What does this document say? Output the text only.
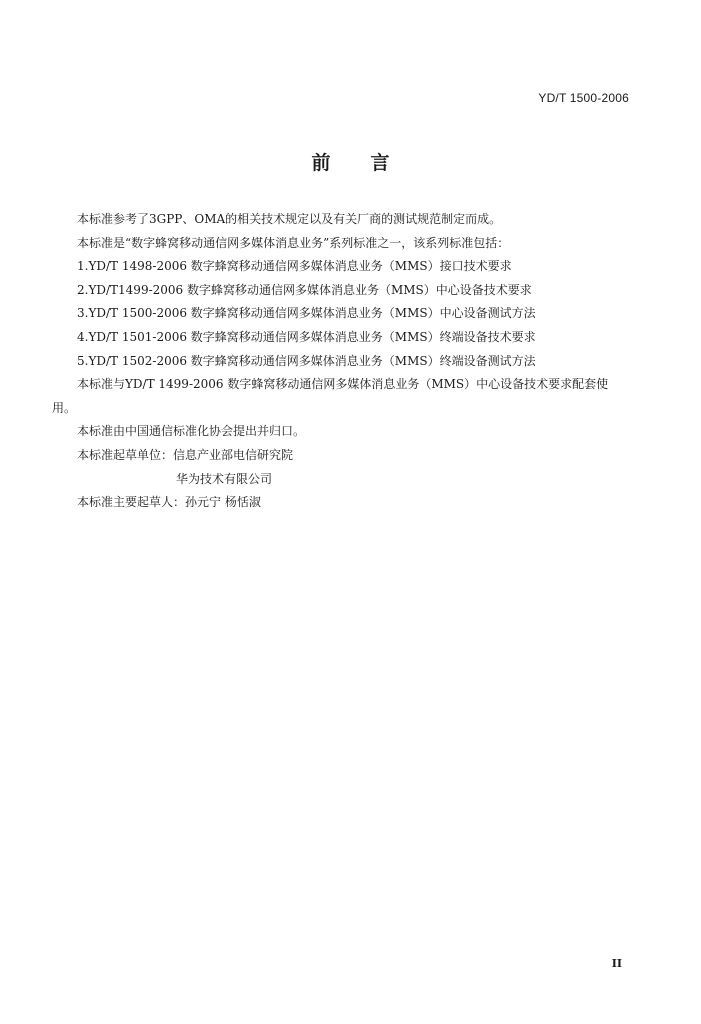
YD/T 1500-2006
前言
本标准参考了3GPP、OMA的相关技术规定以及有关厂商的测试规范制定而成。
本标准是“数字蜂窝移动通信网多媒体消息业务”系列标准之一，该系列标准包括：
1.YD/T 1498-2006 数字蜂窝移动通信网多媒体消息业务（MMS）接口技术要求
2.YD/T1499-2006 数字蜂窝移动通信网多媒体消息业务（MMS）中心设备技术要求
3.YD/T 1500-2006 数字蜂窝移动通信网多媒体消息业务（MMS）中心设备测试方法
4.YD/T 1501-2006 数字蜂窝移动通信网多媒体消息业务（MMS）终端设备技术要求
5.YD/T 1502-2006 数字蜂窝移动通信网多媒体消息业务（MMS）终端设备测试方法
本标准与YD/T 1499-2006 数字蜂窝移动通信网多媒体消息业务（MMS）中心设备技术要求配套使
用。
本标准由中国通信标准化协会提出并归口。
本标准起草单位：信息产业部电信研究院
华为技术有限公司
本标准主要起草人：孙元宁 杨恬淑
II
